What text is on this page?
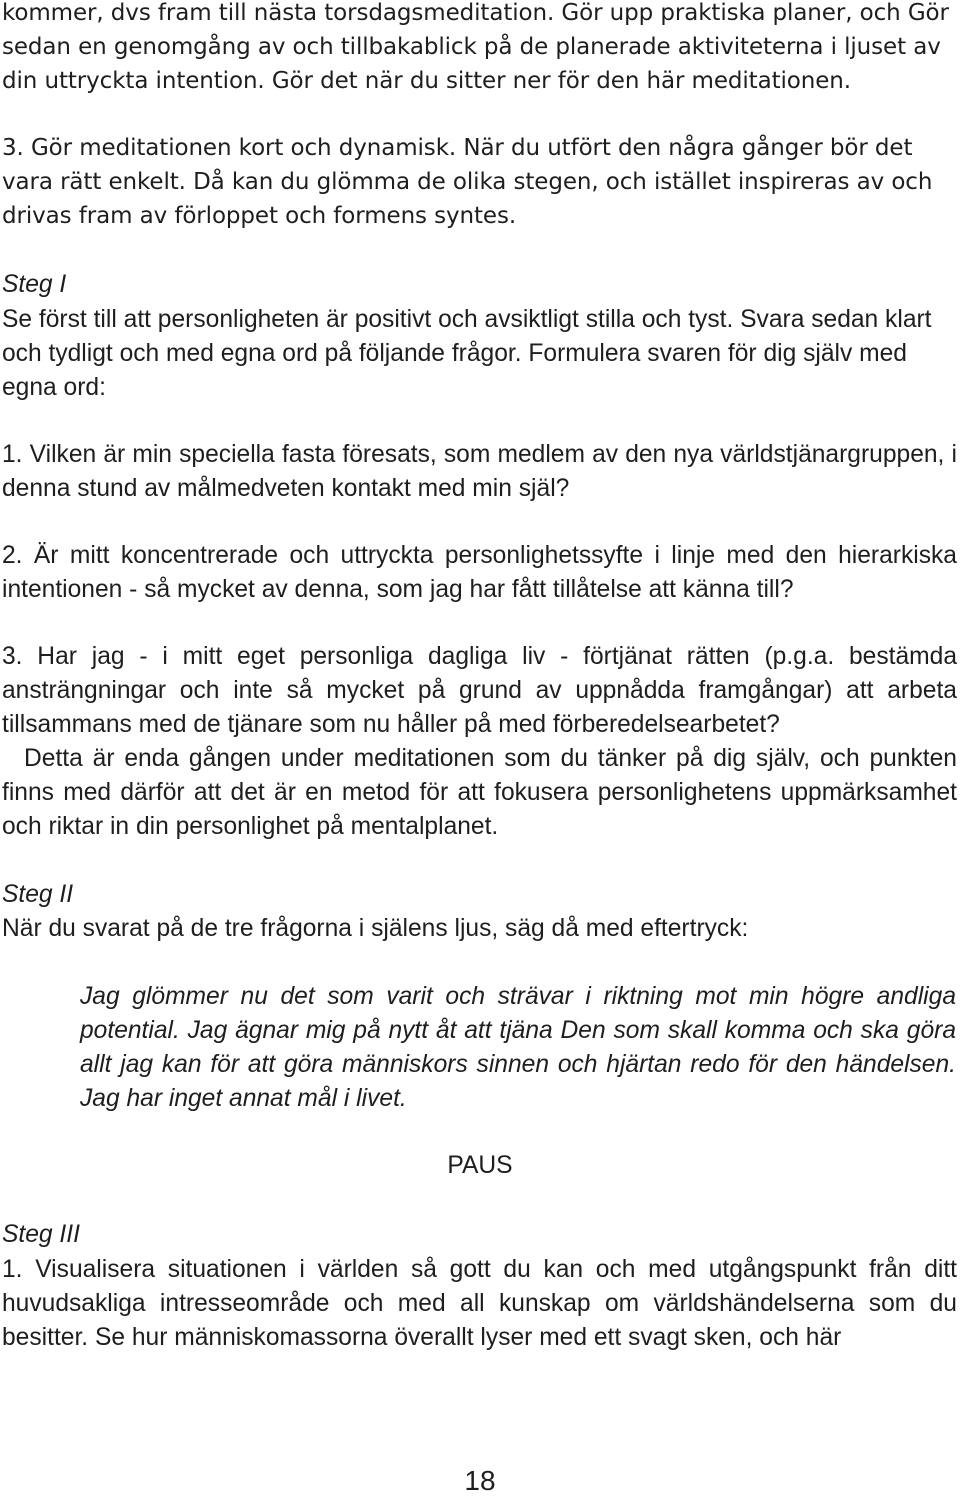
kommer, dvs fram till nästa torsdagsmeditation. Gör upp praktiska planer, och Gör sedan en genomgång av och tillbakablick på de planerade aktiviteterna i ljuset av din uttryckta intention. Gör det när du sitter ner för den här meditationen.

3. Gör meditationen kort och dynamisk. När du utfört den några gånger bör det vara rätt enkelt. Då kan du glömma de olika stegen, och istället inspireras av och drivas fram av förloppet och formens syntes.

Steg I

Se först till att personligheten är positivt och avsiktligt stilla och tyst. Svara sedan klart och tydligt och med egna ord på följande frågor. Formulera svaren för dig själv med egna ord:

1. Vilken är min speciella fasta föresats, som medlem av den nya världstjänargruppen, i denna stund av målmedveten kontakt med min själ?

2. Är mitt koncentrerade och uttryckta personlighetssyfte i linje med den hierarkiska intentionen - så mycket av denna, som jag har fått tillåtelse att känna till?

3. Har jag - i mitt eget personliga dagliga liv - förtjänat rätten (p.g.a. bestämda ansträngningar och inte så mycket på grund av uppnådda framgångar) att arbeta tillsammans med de tjänare som nu håller på med förberedelsearbetet?

Detta är enda gången under meditationen som du tänker på dig själv, och punkten finns med därför att det är en metod för att fokusera personlighetens uppmärksamhet och riktar in din personlighet på mentalplanet.

Steg II

När du svarat på de tre frågorna i själens ljus, säg då med eftertryck:

Jag glömmer nu det som varit och strävar i riktning mot min högre andliga potential. Jag ägnar mig på nytt åt att tjäna Den som skall komma och ska göra allt jag kan för att göra människors sinnen och hjärtan redo för den händelsen. Jag har inget annat mål i livet.

PAUS

Steg III

1. Visualisera situationen i världen så gott du kan och med utgångspunkt från ditt huvudsakliga intresseområde och med all kunskap om världshändelserna som du besitter. Se hur människomassorna överallt lyser med ett svagt sken, och här

18
